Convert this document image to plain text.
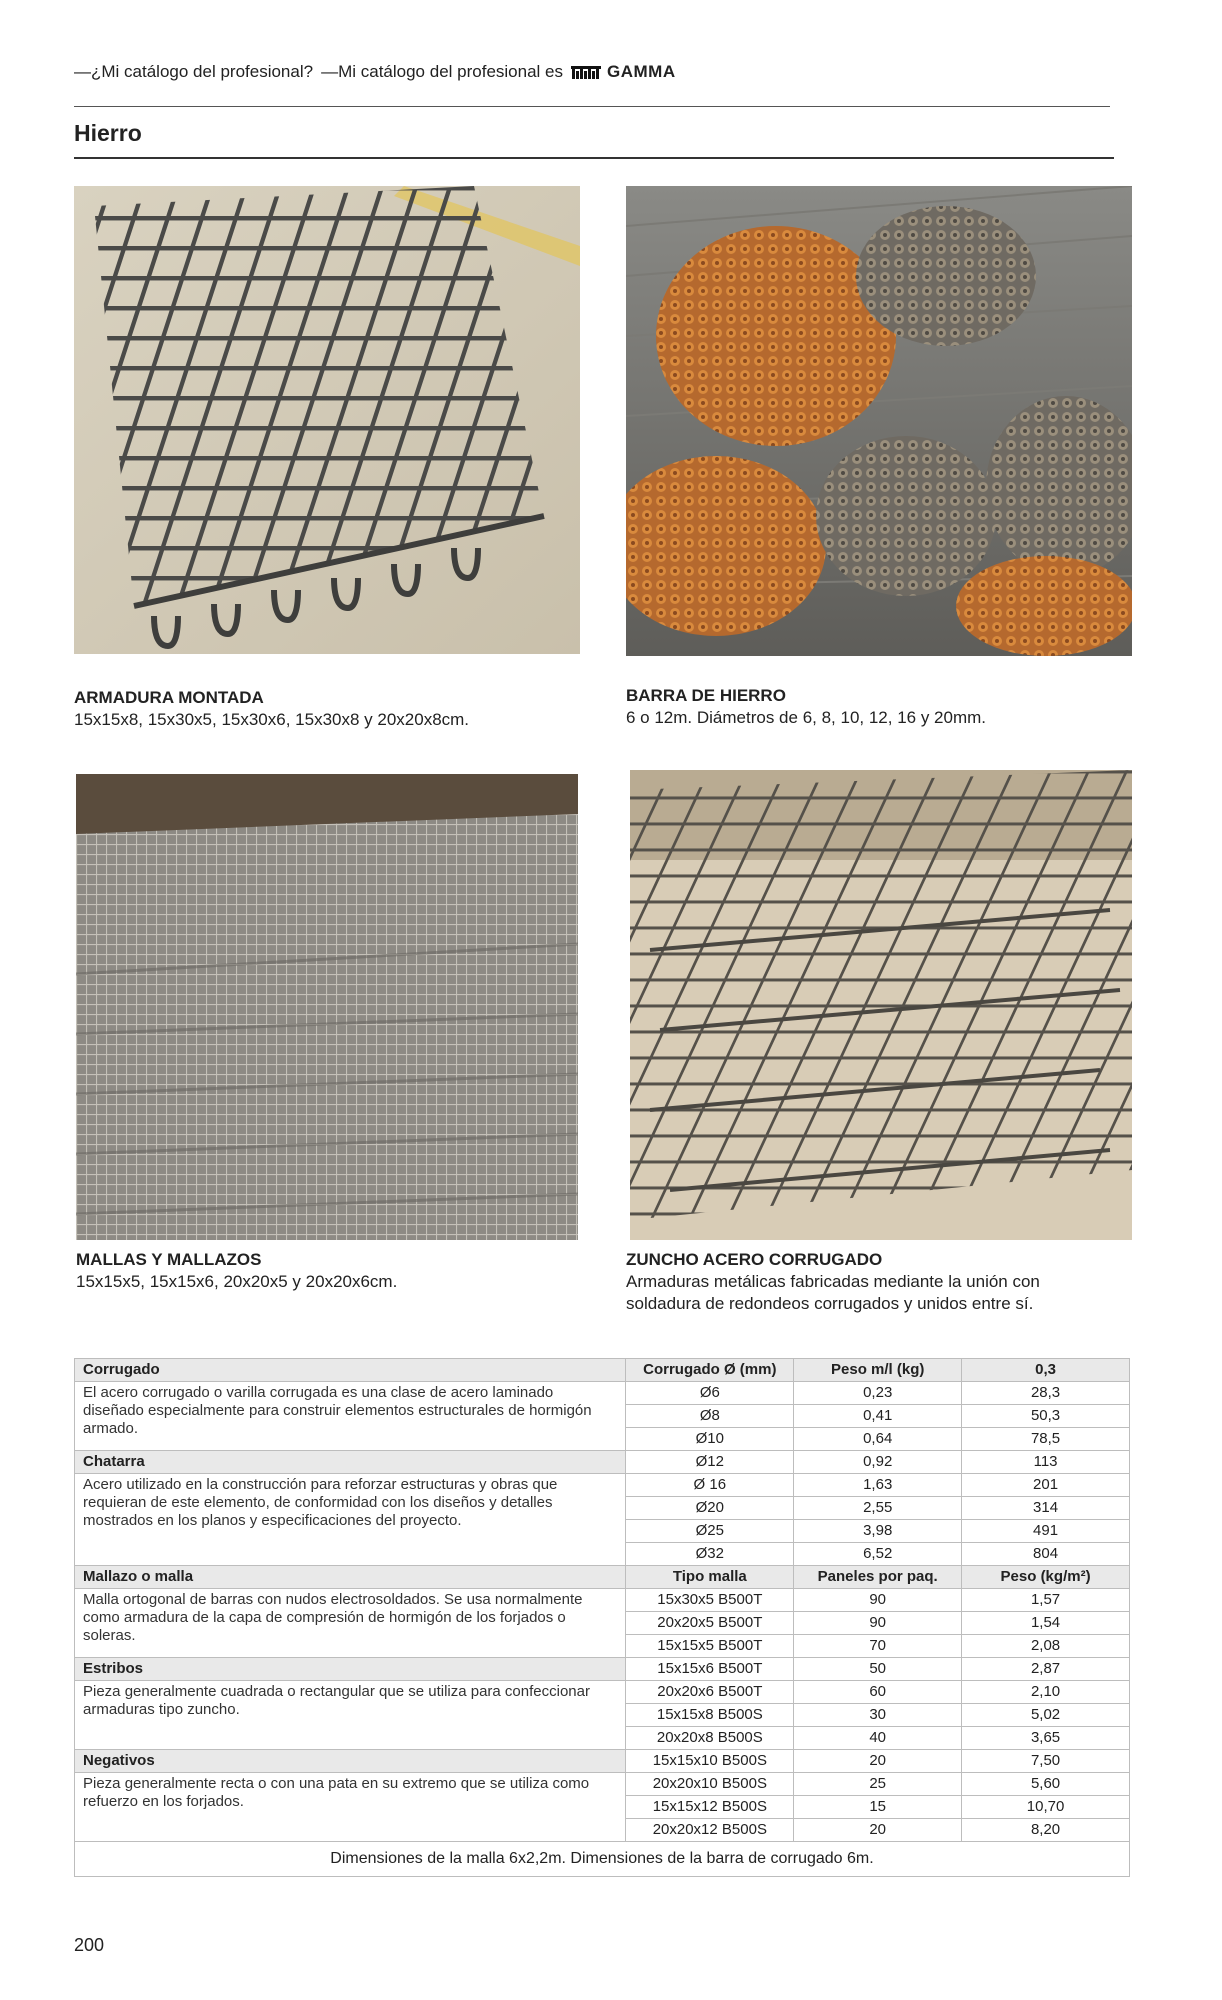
—¿Mi catálogo del profesional? —Mi catálogo del profesional es	GAMMA
Hierro
ARMADURA MONTADA
15x15x8, 15x30x5, 15x30x6, 15x30x8 y 20x20x8cm.
BARRA DE HIERRO
6 o 12m. Diámetros de 6, 8, 10, 12, 16 y 20mm.
MALLAS Y MALLAZOS
15x15x5, 15x15x6, 20x20x5 y 20x20x6cm.
ZUNCHO ACERO CORRUGADO
Armaduras metálicas fabricadas mediante la unión con
soldadura de redondeos corrugados y unidos entre sí.
Corrugado	Corrugado Ø (mm)	Peso m/l (kg)	0,3
El acero corrugado o varilla corrugada es una clase de acero laminado diseñado especialmente para construir elementos estructurales de hormigón armado.	Ø6	0,23	28,3
	Ø8	0,41	50,3
	Ø10	0,64	78,5
Chatarra	Ø12	0,92	113
Acero utilizado en la construcción para reforzar estructuras y obras que requieran de este elemento, de conformidad con los diseños y detalles mostrados en los planos y especificaciones del proyecto.	Ø 16	1,63	201
	Ø20	2,55	314
	Ø25	3,98	491
	Ø32	6,52	804
Mallazo o malla	Tipo malla	Paneles por paq.	Peso (kg/m²)
Malla ortogonal de barras con nudos electrosoldados. Se usa normalmente como armadura de la capa de compresión de hormigón de los forjados o soleras.	15x30x5 B500T	90	1,57
	20x20x5 B500T	90	1,54
	15x15x5 B500T	70	2,08
Estribos	15x15x6 B500T	50	2,87
Pieza generalmente cuadrada o rectangular que se utiliza para confeccionar armaduras tipo zuncho.	20x20x6 B500T	60	2,10
	15x15x8 B500S	30	5,02
	20x20x8 B500S	40	3,65
Negativos	15x15x10 B500S	20	7,50
Pieza generalmente recta o con una pata en su extremo que se utiliza como refuerzo en los forjados.	20x20x10 B500S	25	5,60
	15x15x12 B500S	15	10,70
	20x20x12 B500S	20	8,20
Dimensiones de la malla 6x2,2m. Dimensiones de la barra de corrugado 6m.			
200
